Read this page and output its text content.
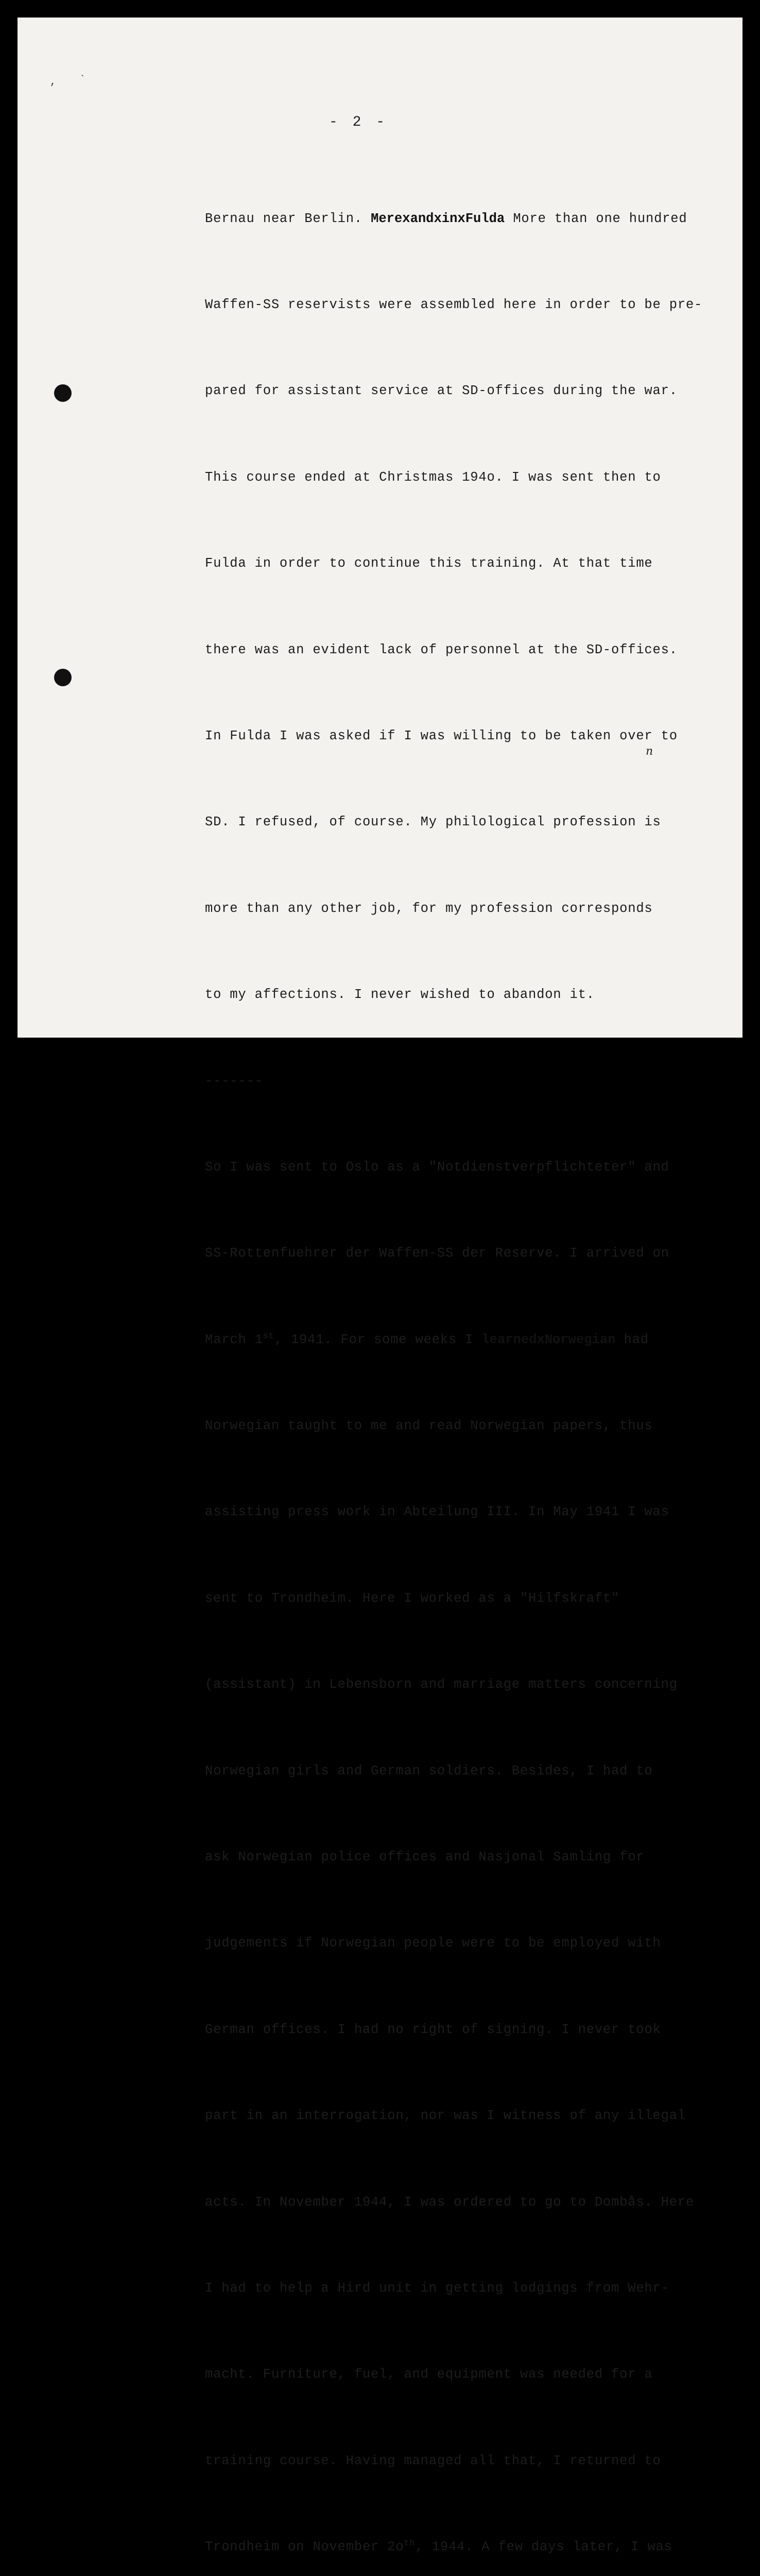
, `
- 2 -
n

Bernau near Berlin. MerexandxinxFulda More than one hundred

Waffen-SS reservists were assembled here in order to be pre-

pared for assistant service at SD-offices during the war.

This course ended at Christmas 194o. I was sent then to

Fulda in order to continue this training. At that time

there was an evident lack of personnel at the SD-offices.

In Fulda I was asked if I was willing to be taken over to

SD. I refused, of course. My philological profession is

more than any other job, for my profession corresponds

to my affections. I never wished to abandon it.

-------

So I was sent to Oslo as a "Notdienstverpflichteter" and

SS-Rottenfuehrer der Waffen-SS der Reserve. I arrived on

March 1st, 1941. For some weeks I learnedxNorwegian had

Norwegian taught to me and read Norwegian papers, thus

assisting press work in Abteilung III. In May 1941 I was

sent to Trondheim. Here I worked as a "Hilfskraft"

(assistant) in Lebensborn and marriage matters concerning

Norwegian girls and German soldiers. Besides, I had to

ask Norwegian police offices and Nasjonal Samling for

judgements if Norwegian people were to be employed with

German offices. I had no right of signing. I never took

part in an interrogation, nor was I witness of any illegal

acts. In November 1944, I was ordered to go to Dombås. Here

I had to help a Hird unit in getting lodgings from Wehr-

macht. Furniture, fuel, and equipment was needed for a

training course. Having managed all that, I returned to

Trondheim on November $2o^{th}$, 1944. A few days later, I was
